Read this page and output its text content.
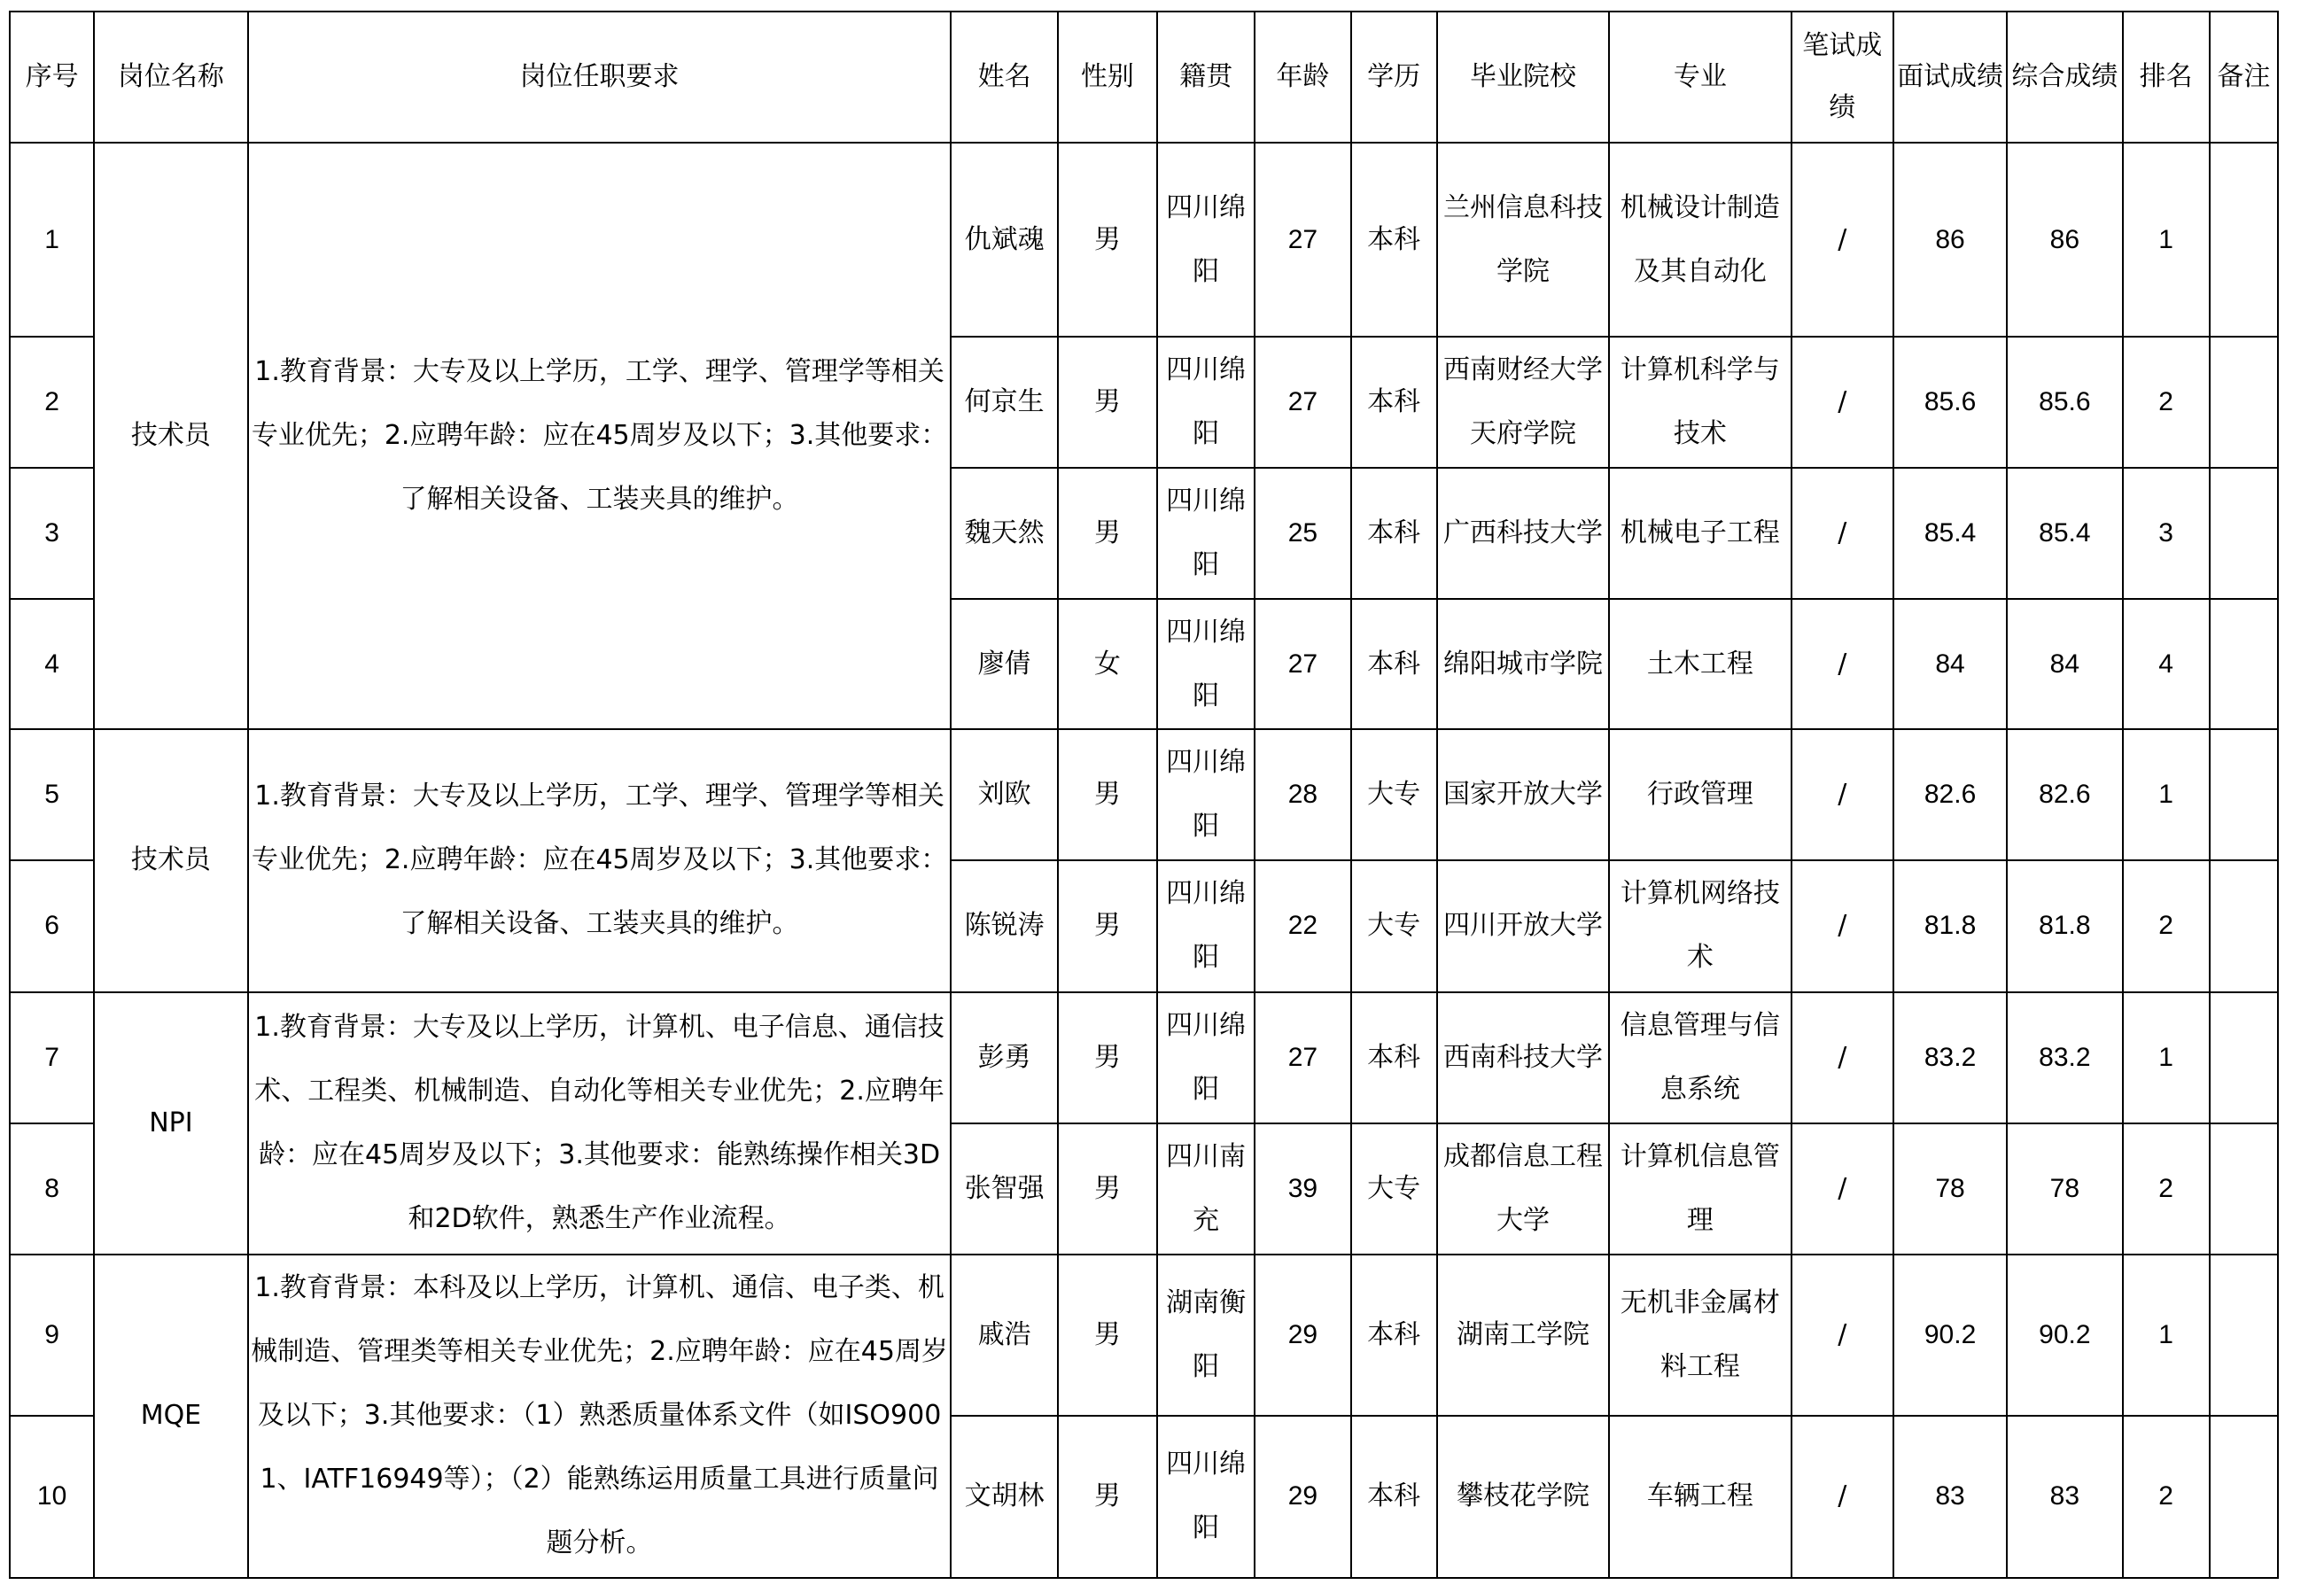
序号	岗位名称	岗位任职要求	姓名	性别	籍贯	年龄	学历	毕业院校	专业	笔试成绩	面试成绩	综合成绩	排名	备注
1	技术员	1.教育背景：大专及以上学历，工学、理学、管理学等相关专业优先；2.应聘年龄：应在45周岁及以下；3.其他要求：了解相关设备、工装夹具的维护。	仇斌魂	男	四川绵阳	27	本科	兰州信息科技学院	机械设计制造及其自动化	/	86	86	1	
2			何京生	男	四川绵阳	27	本科	西南财经大学天府学院	计算机科学与技术	/	85.6	85.6	2	
3			魏天然	男	四川绵阳	25	本科	广西科技大学	机械电子工程	/	85.4	85.4	3	
4			廖倩	女	四川绵阳	27	本科	绵阳城市学院	土木工程	/	84	84	4	
5	技术员	1.教育背景：大专及以上学历，工学、理学、管理学等相关专业优先；2.应聘年龄：应在45周岁及以下；3.其他要求：了解相关设备、工装夹具的维护。	刘欧	男	四川绵阳	28	大专	国家开放大学	行政管理	/	82.6	82.6	1	
6			陈锐涛	男	四川绵阳	22	大专	四川开放大学	计算机网络技术	/	81.8	81.8	2	
7	NPI	1.教育背景：大专及以上学历，计算机、电子信息、通信技术、工程类、机械制造、自动化等相关专业优先；2.应聘年龄：应在45周岁及以下；3.其他要求：能熟练操作相关3D和2D软件，熟悉生产作业流程。	彭勇	男	四川绵阳	27	本科	西南科技大学	信息管理与信息系统	/	83.2	83.2	1	
8			张智强	男	四川南充	39	大专	成都信息工程大学	计算机信息管理	/	78	78	2	
9	MQE	1.教育背景：本科及以上学历，计算机、通信、电子类、机械制造、管理类等相关专业优先；2.应聘年龄：应在45周岁及以下；3.其他要求：（1）熟悉质量体系文件（如ISO9001、IATF16949等）；（2）能熟练运用质量工具进行质量问题分析。	戚浩	男	湖南衡阳	29	本科	湖南工学院	无机非金属材料工程	/	90.2	90.2	1	
10			文胡林	男	四川绵阳	29	本科	攀枝花学院	车辆工程	/	83	83	2	
